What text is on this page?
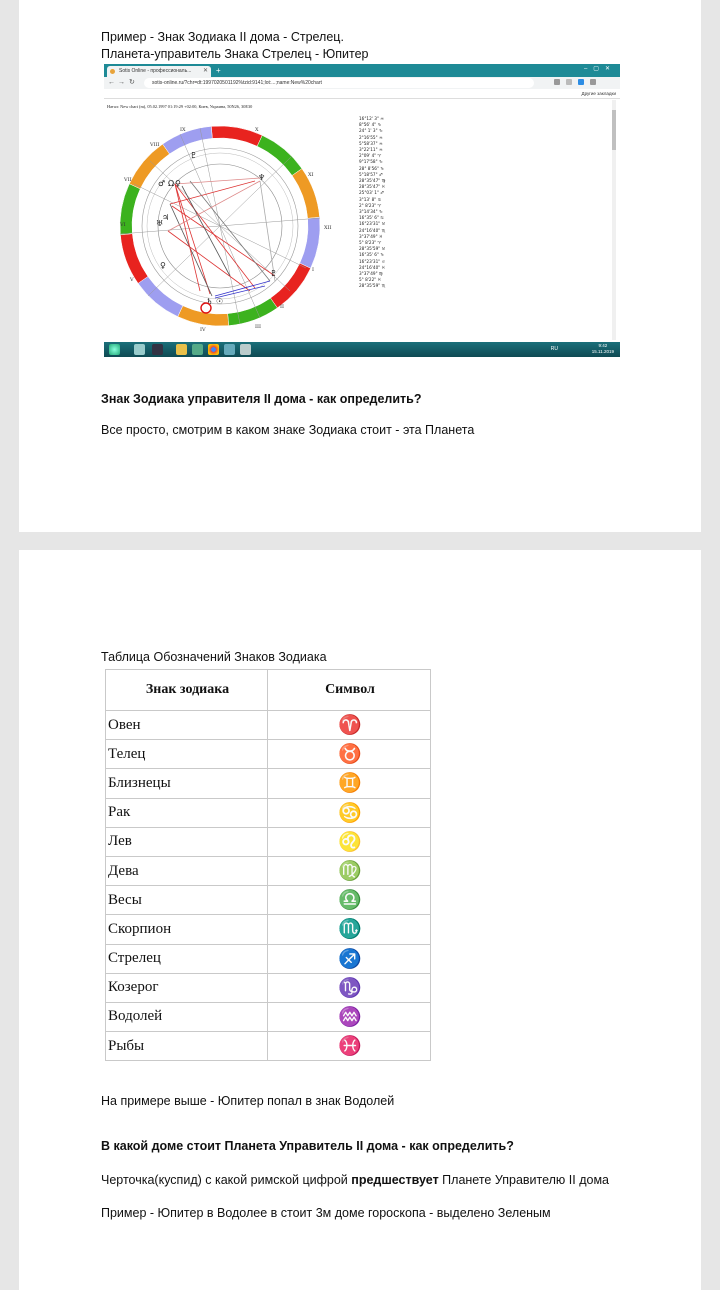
Пример - Знак Зодиака II дома - Стрелец.
Планета-управитель Знака Стрелец - Юпитер
Sotis Online - профессиональ... ✕ +	–▢✕
← → ↻	sotis-online.ru/?chr=dt:1997020501192%tzid:9141;lot:...;name:New%20chart
Другие закладки
Натал: New chart (m), 05.02.1997 01:19:29 +02:00, Киев, Украина, 50N26, 30E30
♂ Ω ♀
♅
♃
♆
♇
♄ ☉
♀
♇
IX	X
XI
XII
I
II
III
IV
V
VI
VII
VIII
16°12' 3" ♒
8°56' 4" ♑
24° 1' 3" ♑
2°16'55" ♒
5°58'37" ♒
3°22'11" ♒
2°09' 4" ♈
9°17'58" ♑
28° 8'56" ♑
5°18'57" ♐
28°35'47" ♍
28°35'47" ♓
25°03' 1" ♐
3°13' 8" ♋
2° 8'23" ♈
3°14'34" ♑
16°35' 6" ♋
16°23'31" ♉
24°16'40" ♏
3°37'49" ♓
5° 8'23" ♈
28°35'59" ♉
16°35' 6" ♑
16°23'31" ♌
24°16'40" ♓
3°37'49" ♍
5° 8'22" ♓
28°35'59" ♏
RU
9:42
15.11.2019
Знак Зодиака управителя II дома - как определить?
Все просто, смотрим в каком знаке Зодиака стоит - эта Планета
Таблица Обозначений Знаков Зодиака
Знак зодиака	Символ
Овен	♈
Телец	♉
Близнецы	♊
Рак	♋
Лев	♌
Дева	♍
Весы	♎
Скорпион	♏
Стрелец	♐
Козерог	♑
Водолей	♒
Рыбы	♓
На примере выше - Юпитер попал в знак Водолей
В какой доме стоит Планета Управитель II дома - как определить?
Черточка(куспид) с какой римской цифрой предшествует Планете Управителю II дома
Пример - Юпитер в Водолее в стоит 3м доме гороскопа - выделено Зеленым
